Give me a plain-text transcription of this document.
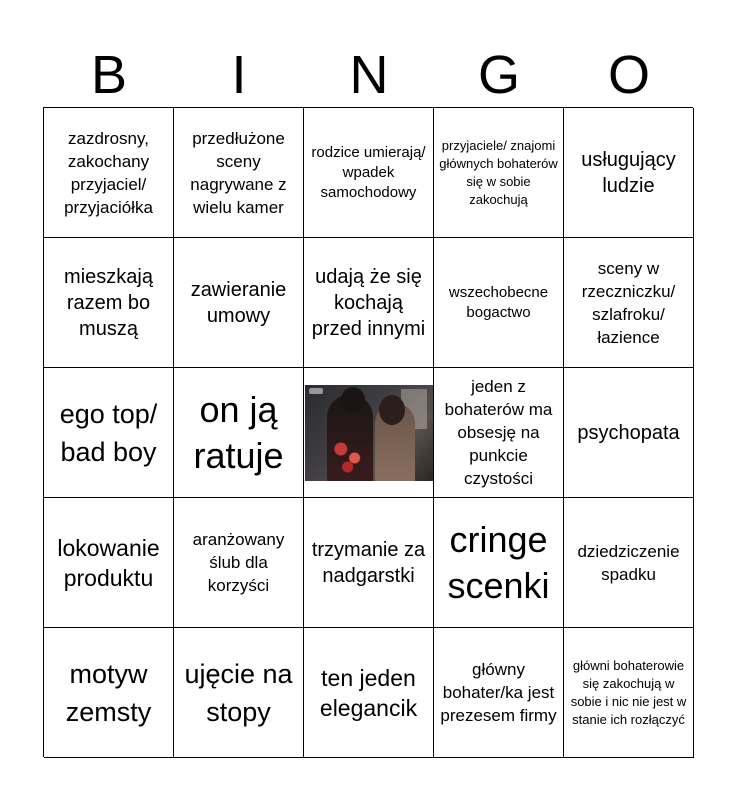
B	I	N	G	O
zazdrosny, zakochany przyjaciel/ przyjaciółka
przedłużone sceny nagrywane z wielu kamer
rodzice umierają/ wpadek samochodowy
przyjaciele/ znajomi głównych bohaterów się w sobie zakochują
usługujący ludzie
mieszkają razem bo muszą
zawieranie umowy
udają że się kochają przed innymi
wszechobecne bogactwo
sceny w rzeczniczku/ szlafroku/ łazience
ego top/ bad boy
on ją ratuje
jeden z bohaterów ma obsesję na punkcie czystości
psychopata
lokowanie produktu
aranżowany ślub dla korzyści
trzymanie za nadgarstki
cringe scenki
dziedziczenie spadku
motyw zemsty
ujęcie na stopy
ten jeden elegancik
główny bohater/ka jest prezesem firmy
główni bohaterowie się zakochują w sobie i nic nie jest w stanie ich rozłączyć
